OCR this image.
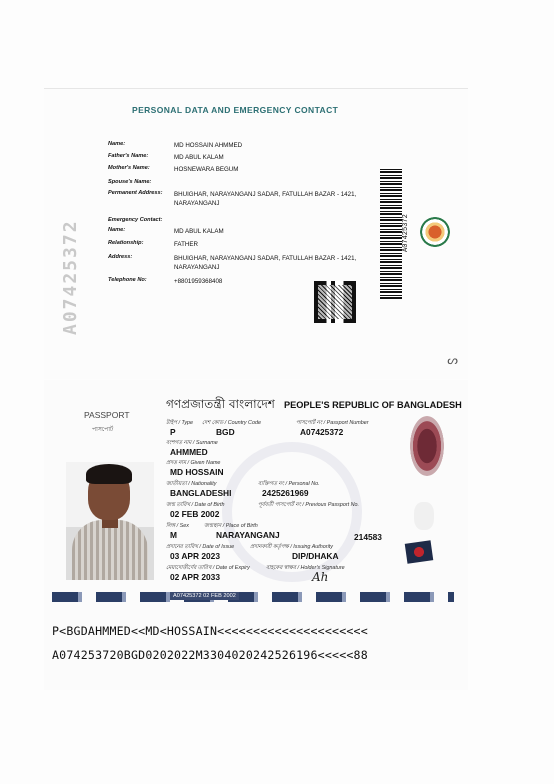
A07425372
PERSONAL DATA AND EMERGENCY CONTACT
Name:	MD HOSSAIN AHMMED
Father's Name:	MD ABUL KALAM
Mother's Name:	HOSNEWARA BEGUM
Spouse's Name:
Permanent Address:	BHUIGHAR, NARAYANGANJ SADAR, FATULLAH BAZAR - 1421, NARAYANGANJ
Emergency Contact:
Name:	MD ABUL KALAM
Relationship:	FATHER
Address:	BHUIGHAR, NARAYANGANJ SADAR, FATULLAH BAZAR - 1421, NARAYANGANJ
Telephone No:	+8801959368408
A07425372
ᔕ
PASSPORT
পাসপোর্ট
গণপ্রজাতন্ত্রী বাংলাদেশ PEOPLE'S REPUBLIC OF BANGLADESH
টাইপ / Type দেশ কোড / Country Code	পাসপোর্ট নং / Passport Number
P	BGD	A07425372
বংশগত নাম / Surname
AHMMED
প্রদত্ত নাম / Given Name
MD HOSSAIN
জাতীয়তা / Nationality	ব্যক্তিগত নং / Personal No.
BANGLADESHI	2425261969
জন্ম তারিখ / Date of Birth	পূর্ববর্তী পাসপোর্ট নং / Previous Passport No.
02 FEB 2002
লিঙ্গ / Sex	জন্মস্থান / Place of Birth
M	NARAYANGANJ	214583
প্রদানের তারিখ / Date of Issue	প্রদানকারী কর্তৃপক্ষ / Issuing Authority
03 APR 2023	DIP/DHAKA
মেয়াদোত্তীর্ণের তারিখ / Date of Expiry	বাহকের স্বাক্ষর / Holder's Signature
02 APR 2033	Ah
A07425372 02 FEB 2002
P<BGDAHMMED<<MD<HOSSAIN<<<<<<<<<<<<<<<<<<<<<
A074253720BGD0202022M3304020242526196<<<<<88
